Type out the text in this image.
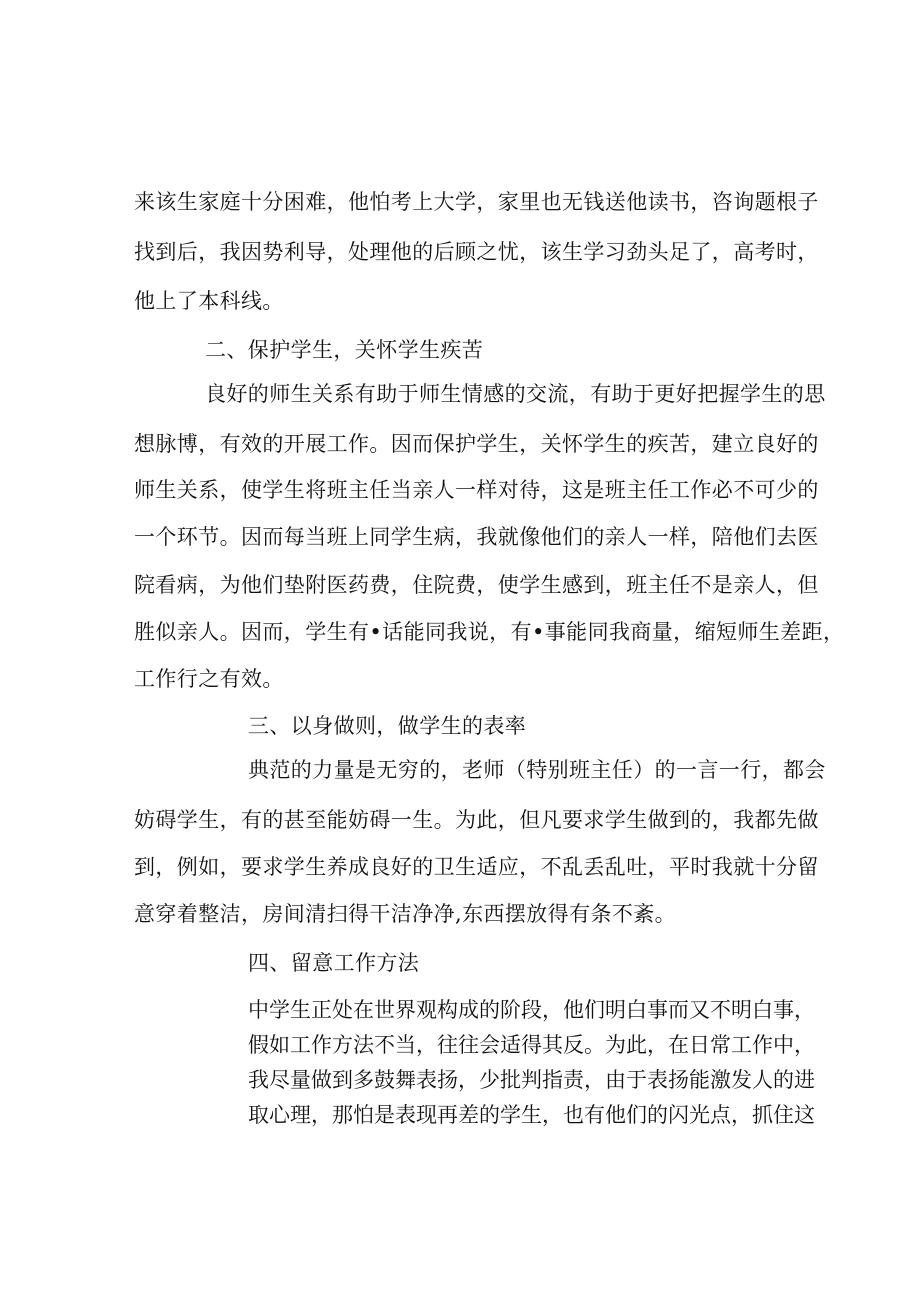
来该生家庭十分困难，他怕考上大学，家里也无钱送他读书，咨询题根子
找到后，我因势利导，处理他的后顾之忧，该生学习劲头足了，高考时，
他上了本科线。
二、保护学生，关怀学生疾苦
良好的师生关系有助于师生情感的交流，有助于更好把握学生的思
想脉博，有效的开展工作。因而保护学生，关怀学生的疾苦，建立良好的
师生关系，使学生将班主任当亲人一样对待，这是班主任工作必不可少的
一个环节。因而每当班上同学生病，我就像他们的亲人一样，陪他们去医
院看病，为他们垫附医药费，住院费，使学生感到，班主任不是亲人，但
胜似亲人。因而，学生有•话能同我说，有•事能同我商量，缩短师生差距，
工作行之有效。
三、以身做则，做学生的表率
典范的力量是无穷的，老师（特别班主任）的一言一行，都会
妨碍学生，有的甚至能妨碍一生。为此，但凡要求学生做到的，我都先做
到，例如，要求学生养成良好的卫生适应，不乱丢乱吐，平时我就十分留
意穿着整洁，房间清扫得干洁净净,东西摆放得有条不紊。
四、留意工作方法
中学生正处在世界观构成的阶段，他们明白事而又不明白事，
假如工作方法不当，往往会适得其反。为此，在日常工作中，
我尽量做到多鼓舞表扬，少批判指责，由于表扬能激发人的进
取心理，那怕是表现再差的学生，也有他们的闪光点，抓住这
